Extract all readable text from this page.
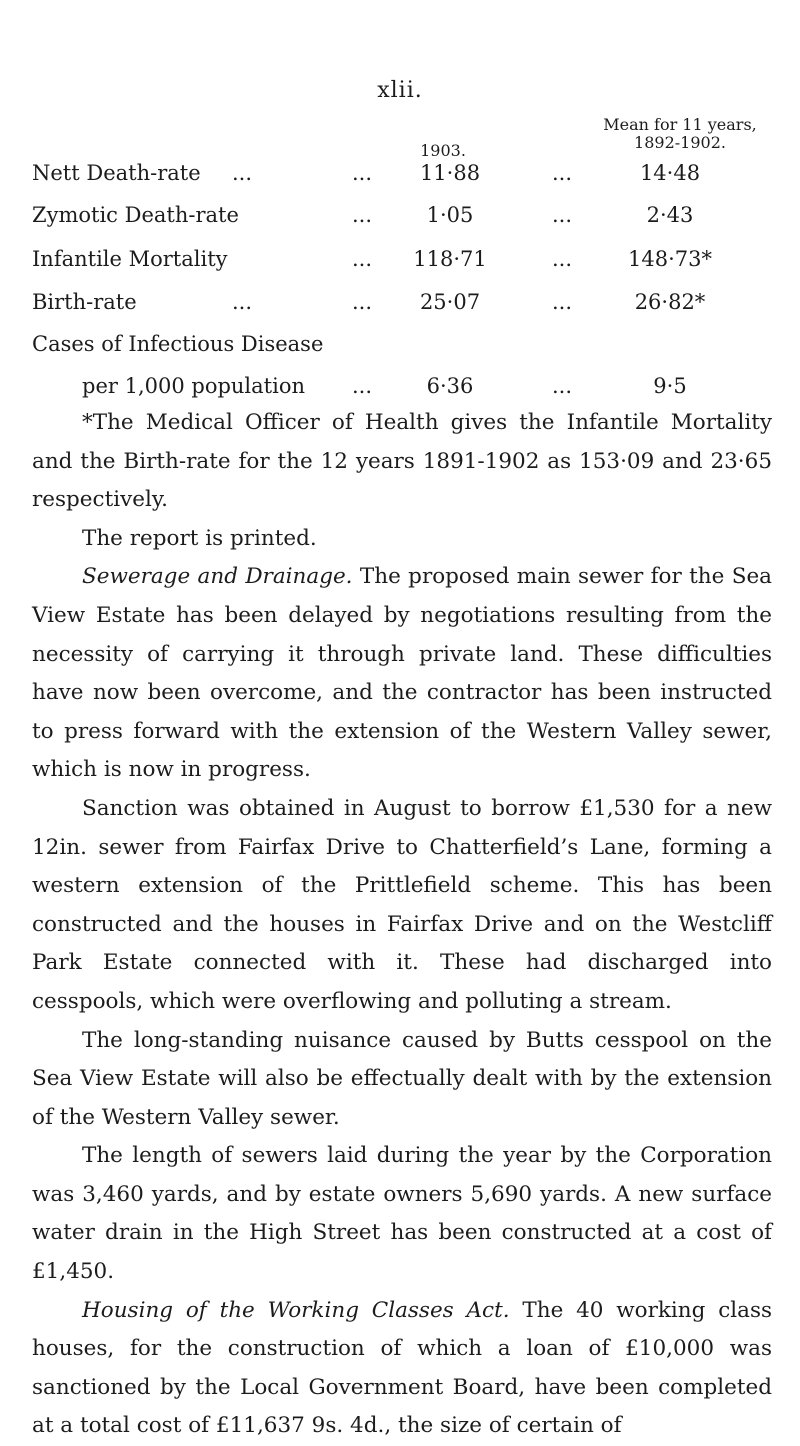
xlii.
1903.
Mean for 11 years,
1892-1902.
Nett Death-rate ...	...	11·88	...	14·48
Zymotic Death-rate	...	1·05	...	2·43
Infantile Mortality	...	118·71	...	148·73*
Birth-rate	...	...	25·07	...	26·82*
Cases of Infectious Disease
per 1,000 population ...	6·36	...	9·5

*The Medical Officer of Health gives the Infantile Mortality and the Birth-rate for the 12 years 1891-1902 as 153·09 and 23·65 respectively.

The report is printed.

Sewerage and Drainage. The proposed main sewer for the Sea View Estate has been delayed by negotiations resulting from the necessity of carrying it through private land. These difficulties have now been overcome, and the contractor has been instructed to press forward with the extension of the Western Valley sewer, which is now in progress.

Sanction was obtained in August to borrow £1,530 for a new 12in. sewer from Fairfax Drive to Chatterfield’s Lane, forming a western extension of the Prittlefield scheme. This has been constructed and the houses in Fairfax Drive and on the Westcliff Park Estate connected with it. These had discharged into cesspools, which were overflowing and polluting a stream.

The long-standing nuisance caused by Butts cesspool on the Sea View Estate will also be effectually dealt with by the extension of the Western Valley sewer.

The length of sewers laid during the year by the Corporation was 3,460 yards, and by estate owners 5,690 yards. A new surface water drain in the High Street has been constructed at a cost of £1,450.

Housing of the Working Classes Act. The 40 working class houses, for the construction of which a loan of £10,000 was sanctioned by the Local Government Board, have been completed at a total cost of £11,637 9s. 4d., the size of certain of
